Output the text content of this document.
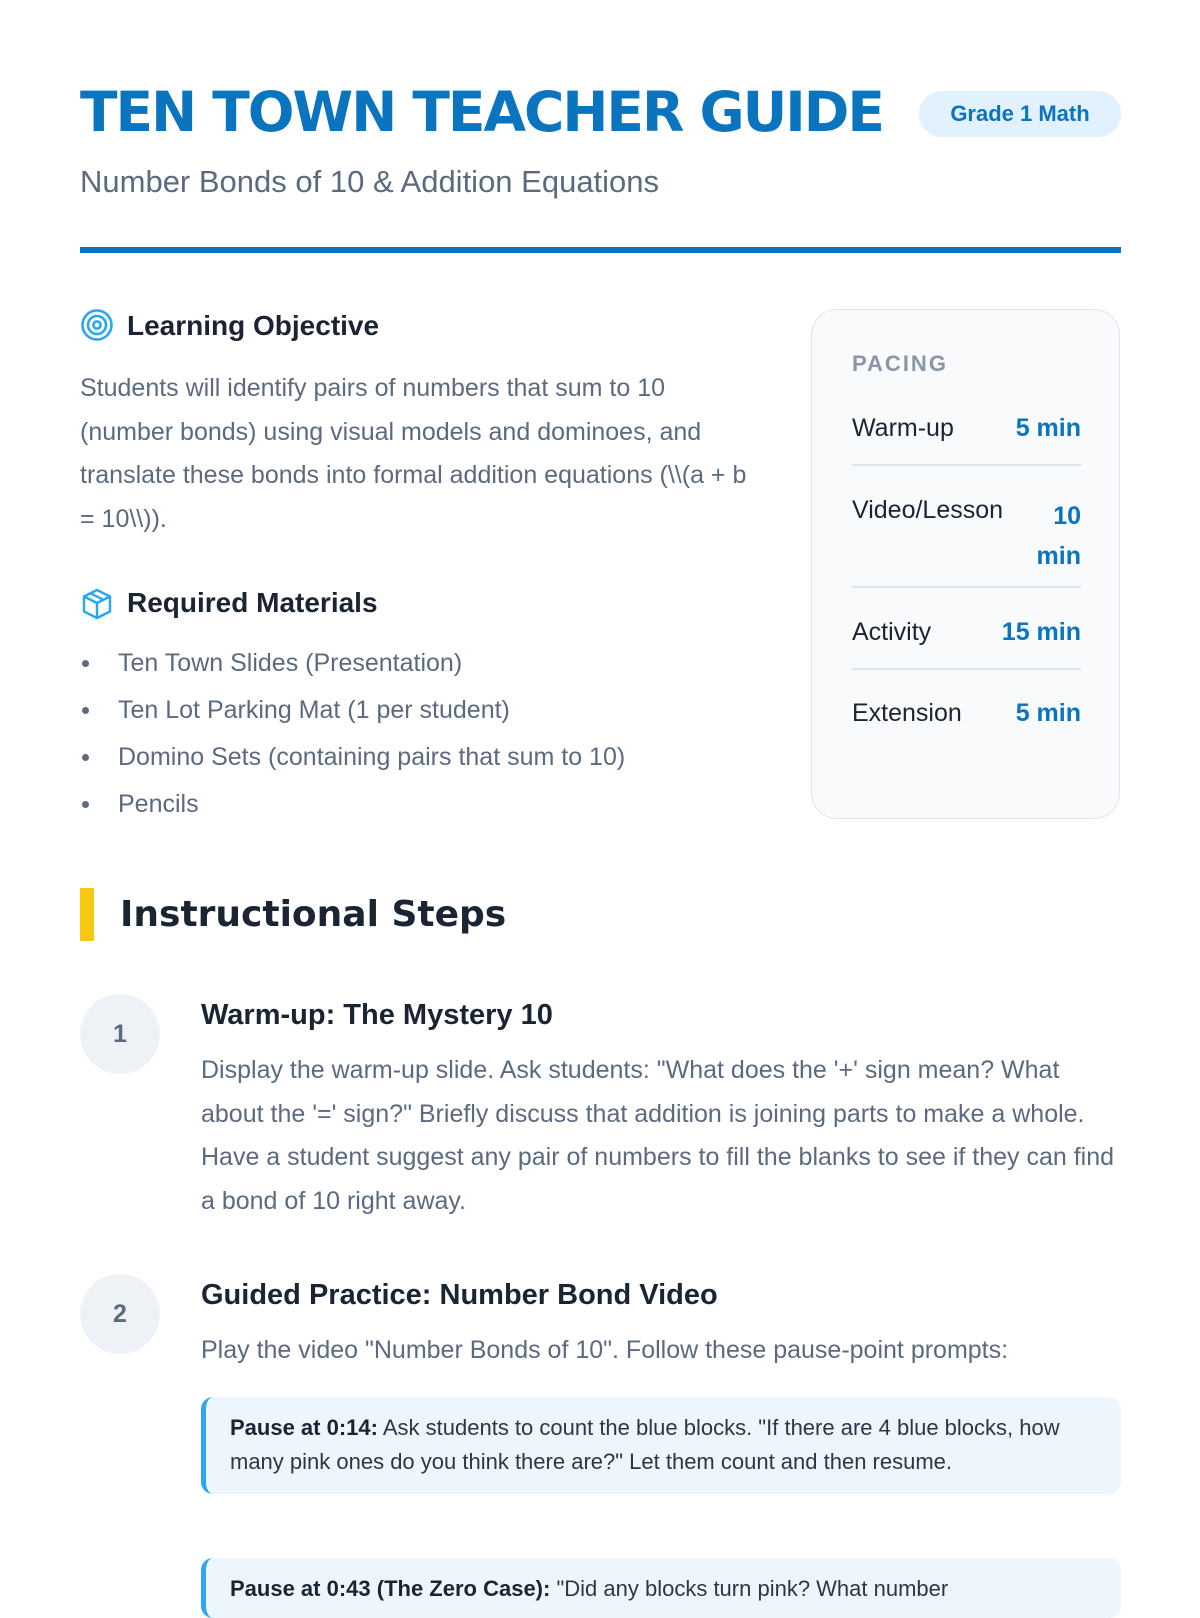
TEN TOWN TEACHER GUIDE	Grade 1 Math
Number Bonds of 10 & Addition Equations
Learning Objective

Students will identify pairs of numbers that sum to 10 (number bonds) using visual models and dominoes, and translate these bonds into formal addition equations (\\(a + b = 10\\)).

Required Materials
Ten Town Slides (Presentation)
Ten Lot Parking Mat (1 per student)
Domino Sets (containing pairs that sum to 10)
Pencils
PACING
Warm-up 5 min
Video/Lesson	10 min
Activity	15 min
Extension 5 min
Instructional Steps
1
Warm-up: The Mystery 10

Display the warm-up slide. Ask students: "What does the '+' sign mean? What about the '=' sign?" Briefly discuss that addition is joining parts to make a whole. Have a student suggest any pair of numbers to fill the blanks to see if they can find a bond of 10 right away.

2
Guided Practice: Number Bond Video

Play the video "Number Bonds of 10". Follow these pause-point prompts:

Pause at 0:14: Ask students to count the blue blocks. "If there are 4 blue blocks, how many pink ones do you think there are?" Let them count and then resume.
Pause at 0:43 (The Zero Case): "Did any blocks turn pink? What number
